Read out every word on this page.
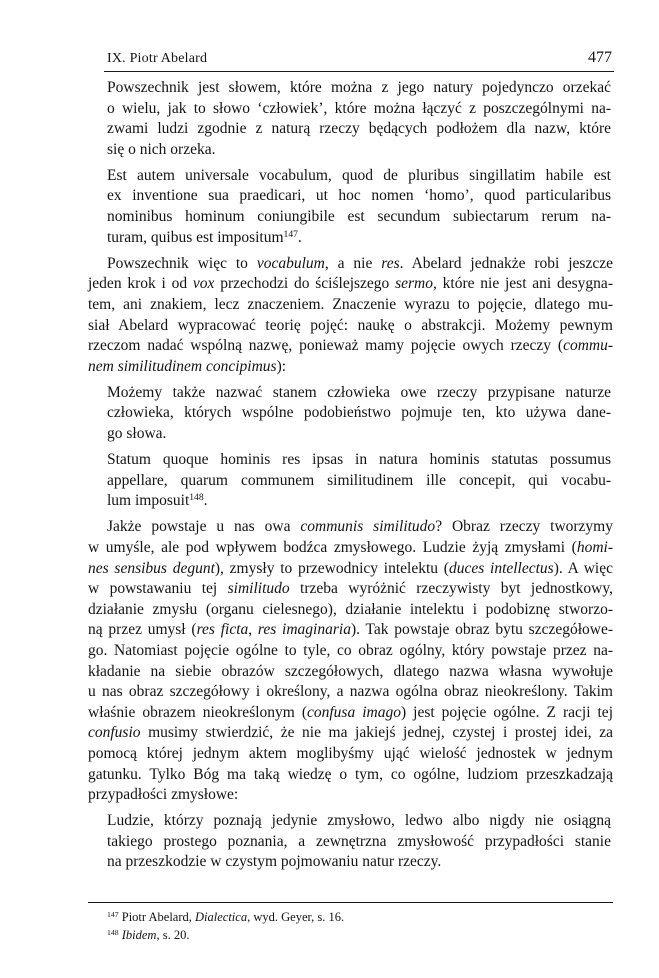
IX. Piotr Abelard	477
Powszechnik jest słowem, które można z jego natury pojedynczo orzekać
o wielu, jak to słowo ‘człowiek’, które można łączyć z poszczególnymi na-
zwami ludzi zgodnie z naturą rzeczy będących podłożem dla nazw, które
się o nich orzeka.
Est autem universale vocabulum, quod de pluribus singillatim habile est
ex inventione sua praedicari, ut hoc nomen ‘homo’, quod particularibus
nominibus hominum coniungibile est secundum subiectarum rerum na-
turam, quibus est impositum$^{147}$.
Powszechnik więc to vocabulum, a nie res. Abelard jednakże robi jeszcze
jeden krok i od vox przechodzi do ściślejszego sermo, które nie jest ani desygna-
tem, ani znakiem, lecz znaczeniem. Znaczenie wyrazu to pojęcie, dlatego mu-
siał Abelard wypracować teorię pojęć: naukę o abstrakcji. Możemy pewnym
rzeczom nadać wspólną nazwę, ponieważ mamy pojęcie owych rzeczy (commu-
nem similitudinem concipimus):
Możemy także nazwać stanem człowieka owe rzeczy przypisane naturze
człowieka, których wspólne podobieństwo pojmuje ten, kto używa dane-
go słowa.
Statum quoque hominis res ipsas in natura hominis statutas possumus
appellare, quarum communem similitudinem ille concepit, qui vocabu-
lum imposuit$^{148}$.
Jakże powstaje u nas owa communis similitudo? Obraz rzeczy tworzymy
w umyśle, ale pod wpływem bodźca zmysłowego. Ludzie żyją zmysłami (homi-
nes sensibus degunt), zmysły to przewodnicy intelektu (duces intellectus). A więc
w powstawaniu tej similitudo trzeba wyróżnić rzeczywisty byt jednostkowy,
działanie zmysłu (organu cielesnego), działanie intelektu i podobiznę stworzo-
ną przez umysł (res ficta, res imaginaria). Tak powstaje obraz bytu szczegółowe-
go. Natomiast pojęcie ogólne to tyle, co obraz ogólny, który powstaje przez na-
kładanie na siebie obrazów szczegółowych, dlatego nazwa własna wywołuje
u nas obraz szczegółowy i określony, a nazwa ogólna obraz nieokreślony. Takim
właśnie obrazem nieokreślonym (confusa imago) jest pojęcie ogólne. Z racji tej
confusio musimy stwierdzić, że nie ma jakiejś jednej, czystej i prostej idei, za
pomocą której jednym aktem moglibyśmy ująć wielość jednostek w jednym
gatunku. Tylko Bóg ma taką wiedzę o tym, co ogólne, ludziom przeszkadzają
przypadłości zmysłowe:
Ludzie, którzy poznają jedynie zmysłowo, ledwo albo nigdy nie osiągną
takiego prostego poznania, a zewnętrzna zmysłowość przypadłości stanie
na przeszkodzie w czystym pojmowaniu natur rzeczy.
$^{147}$ Piotr Abelard, Dialectica, wyd. Geyer, s. 16.
$^{148}$ Ibidem, s. 20.
